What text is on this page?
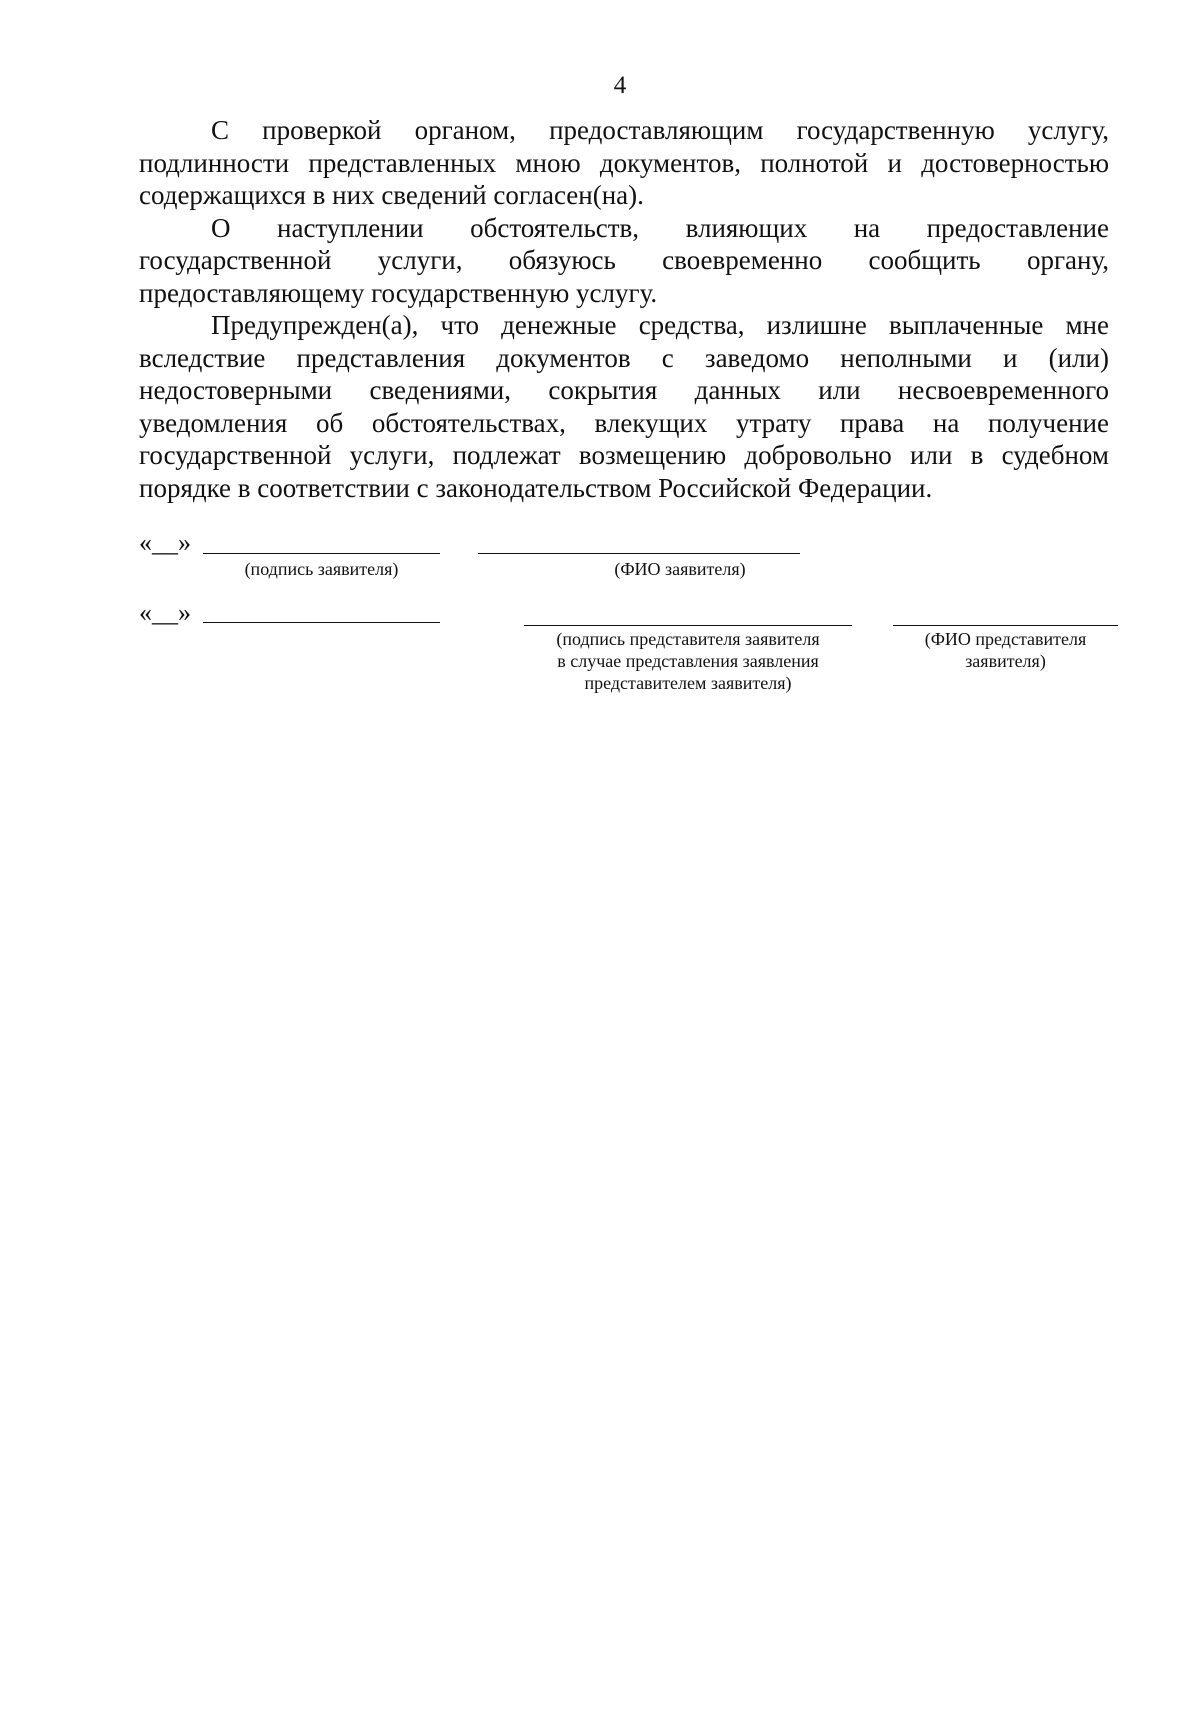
4

С проверкой органом, предоставляющим государственную услугу, подлинности представленных мною документов, полнотой и достоверностью содержащихся в них сведений согласен(на).

О наступлении обстоятельств, влияющих на предоставление государственной услуги, обязуюсь своевременно сообщить органу, предоставляющему государственную услугу.

Предупрежден(а), что денежные средства, излишне выплаченные мне вследствие представления документов с заведомо неполными и (или) недостоверными сведениями, сокрытия данных или несвоевременного уведомления об обстоятельствах, влекущих утрату права на получение государственной услуги, подлежат возмещению добровольно или в судебном порядке в соответствии с законодательством Российской Федерации.

«__»
(подпись заявителя)	(ФИО заявителя)
«__»
(подпись представителя заявителя
в случае представления заявления
представителем заявителя)
(ФИО представителя
заявителя)
